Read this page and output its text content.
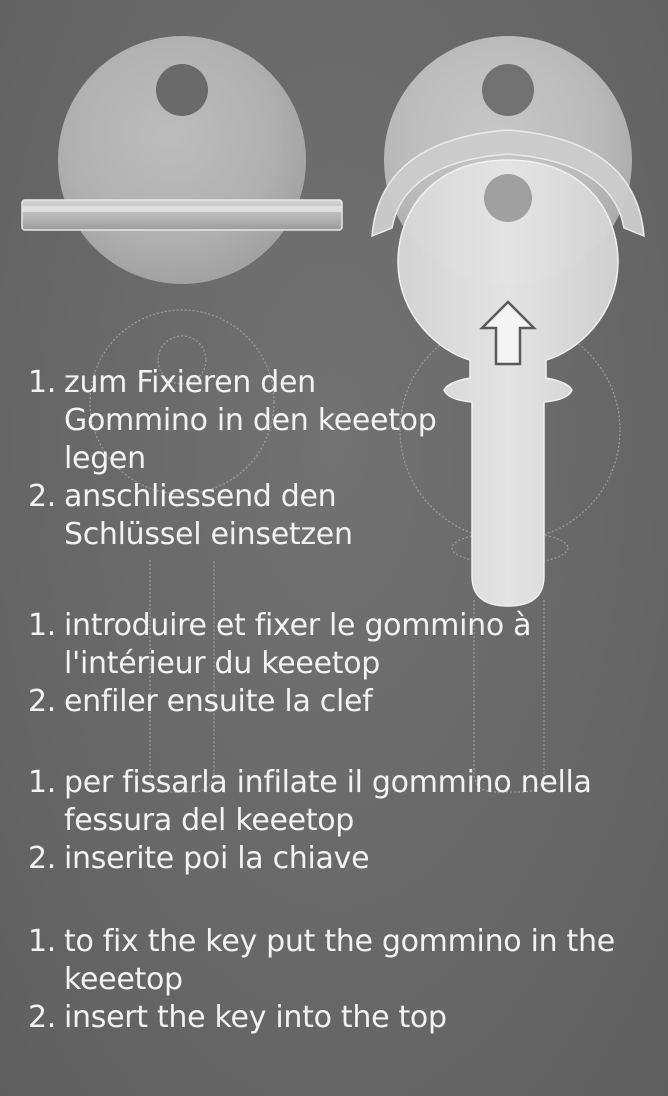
1. zum Fixieren den
Gommino in den keeetop
legen
2. anschliessend den
Schlüssel einsetzen
1. introduire et fixer le gommino à
l'intérieur du keeetop
2. enfiler ensuite la clef
1. per fissarla infilate il gommino nella
fessura del keeetop
2. inserite poi la chiave
1. to fix the key put the gommino in the
keeetop
2. insert the key into the top
